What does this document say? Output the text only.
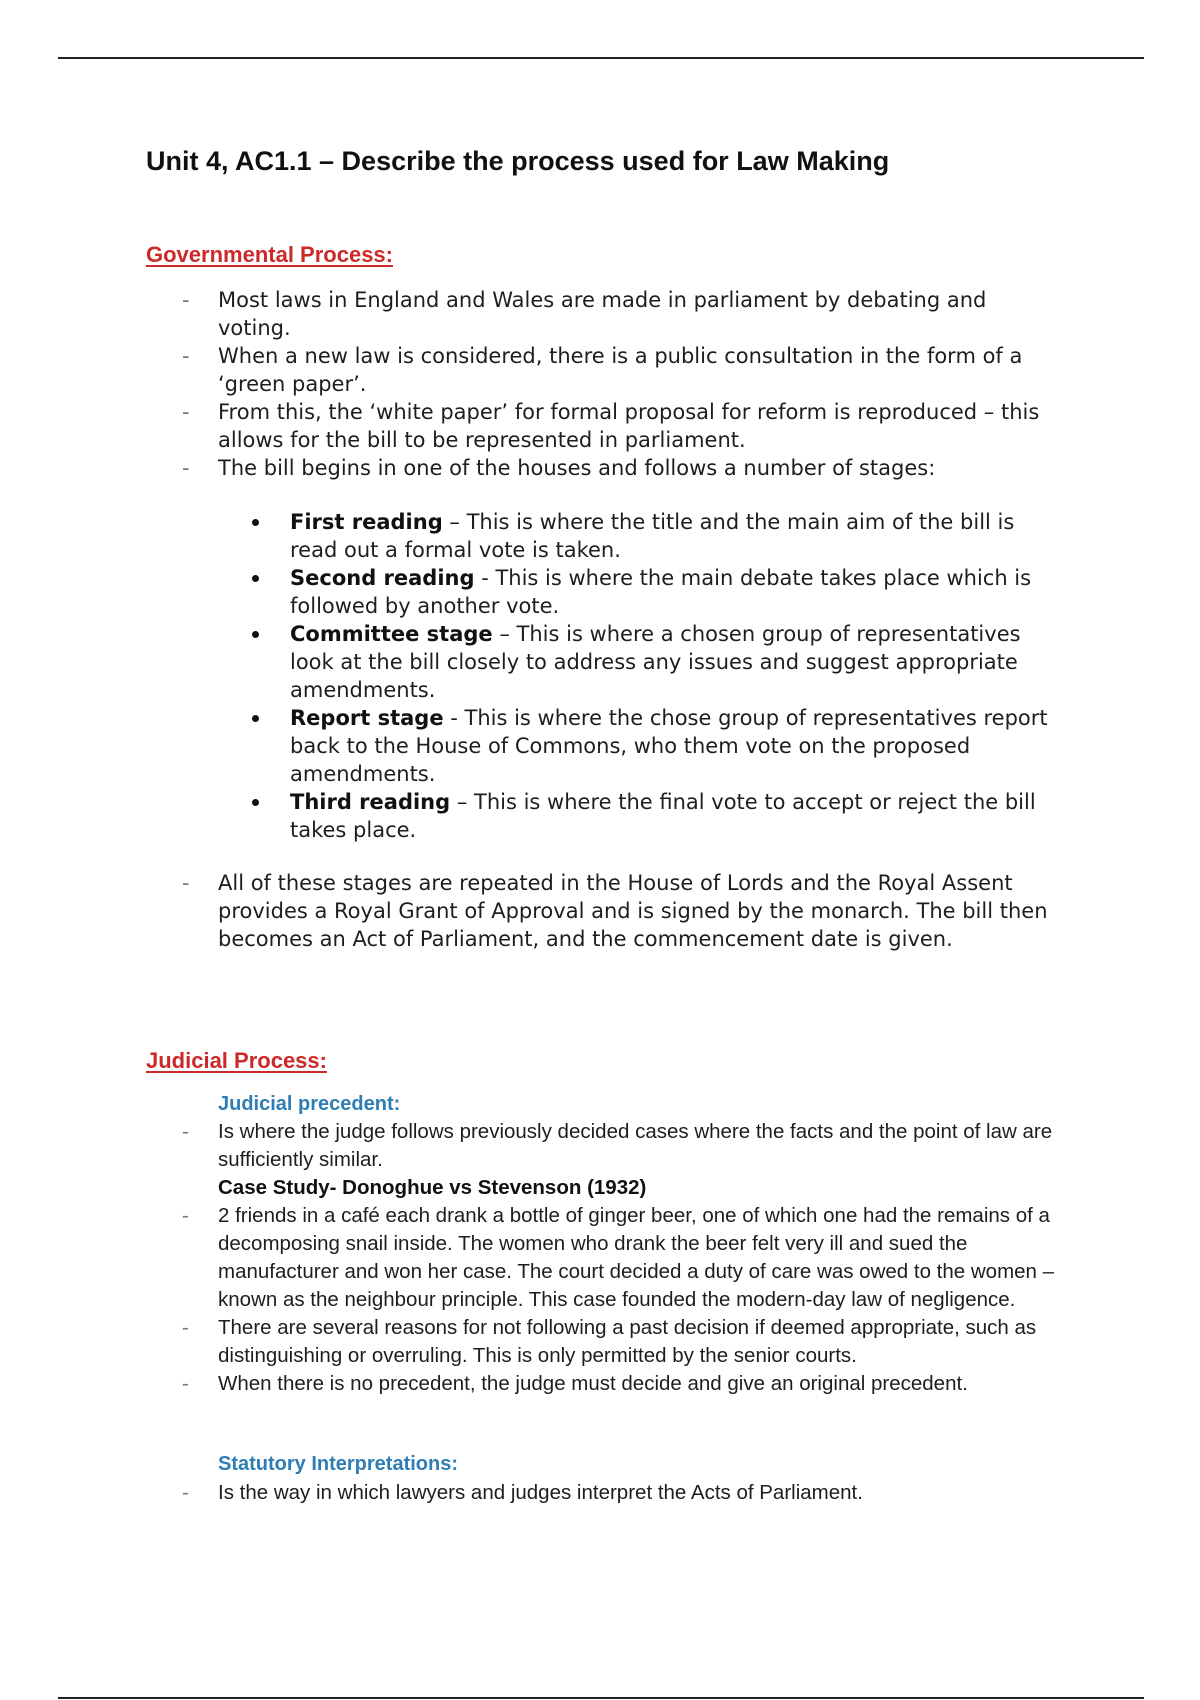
Unit 4, AC1.1 – Describe the process used for Law Making
Governmental Process:
- Most laws in England and Wales are made in parliament by debating and voting.
- When a new law is considered, there is a public consultation in the form of a ‘green paper’.
- From this, the ‘white paper’ for formal proposal for reform is reproduced – this allows for the bill to be represented in parliament.
- The bill begins in one of the houses and follows a number of stages:
First reading – This is where the title and the main aim of the bill is read out a formal vote is taken.
Second reading - This is where the main debate takes place which is followed by another vote.
Committee stage – This is where a chosen group of representatives look at the bill closely to address any issues and suggest appropriate amendments.
Report stage - This is where the chose group of representatives report back to the House of Commons, who them vote on the proposed amendments.
Third reading – This is where the final vote to accept or reject the bill takes place.
- All of these stages are repeated in the House of Lords and the Royal Assent provides a Royal Grant of Approval and is signed by the monarch. The bill then becomes an Act of Parliament, and the commencement date is given.
Judicial Process:
Judicial precedent:
- Is where the judge follows previously decided cases where the facts and the point of law are sufficiently similar.
Case Study- Donoghue vs Stevenson (1932)
- 2 friends in a café each drank a bottle of ginger beer, one of which one had the remains of a decomposing snail inside. The women who drank the beer felt very ill and sued the manufacturer and won her case. The court decided a duty of care was owed to the women – known as the neighbour principle. This case founded the modern-day law of negligence.
- There are several reasons for not following a past decision if deemed appropriate, such as distinguishing or overruling. This is only permitted by the senior courts.
- When there is no precedent, the judge must decide and give an original precedent.
Statutory Interpretations:
- Is the way in which lawyers and judges interpret the Acts of Parliament.
